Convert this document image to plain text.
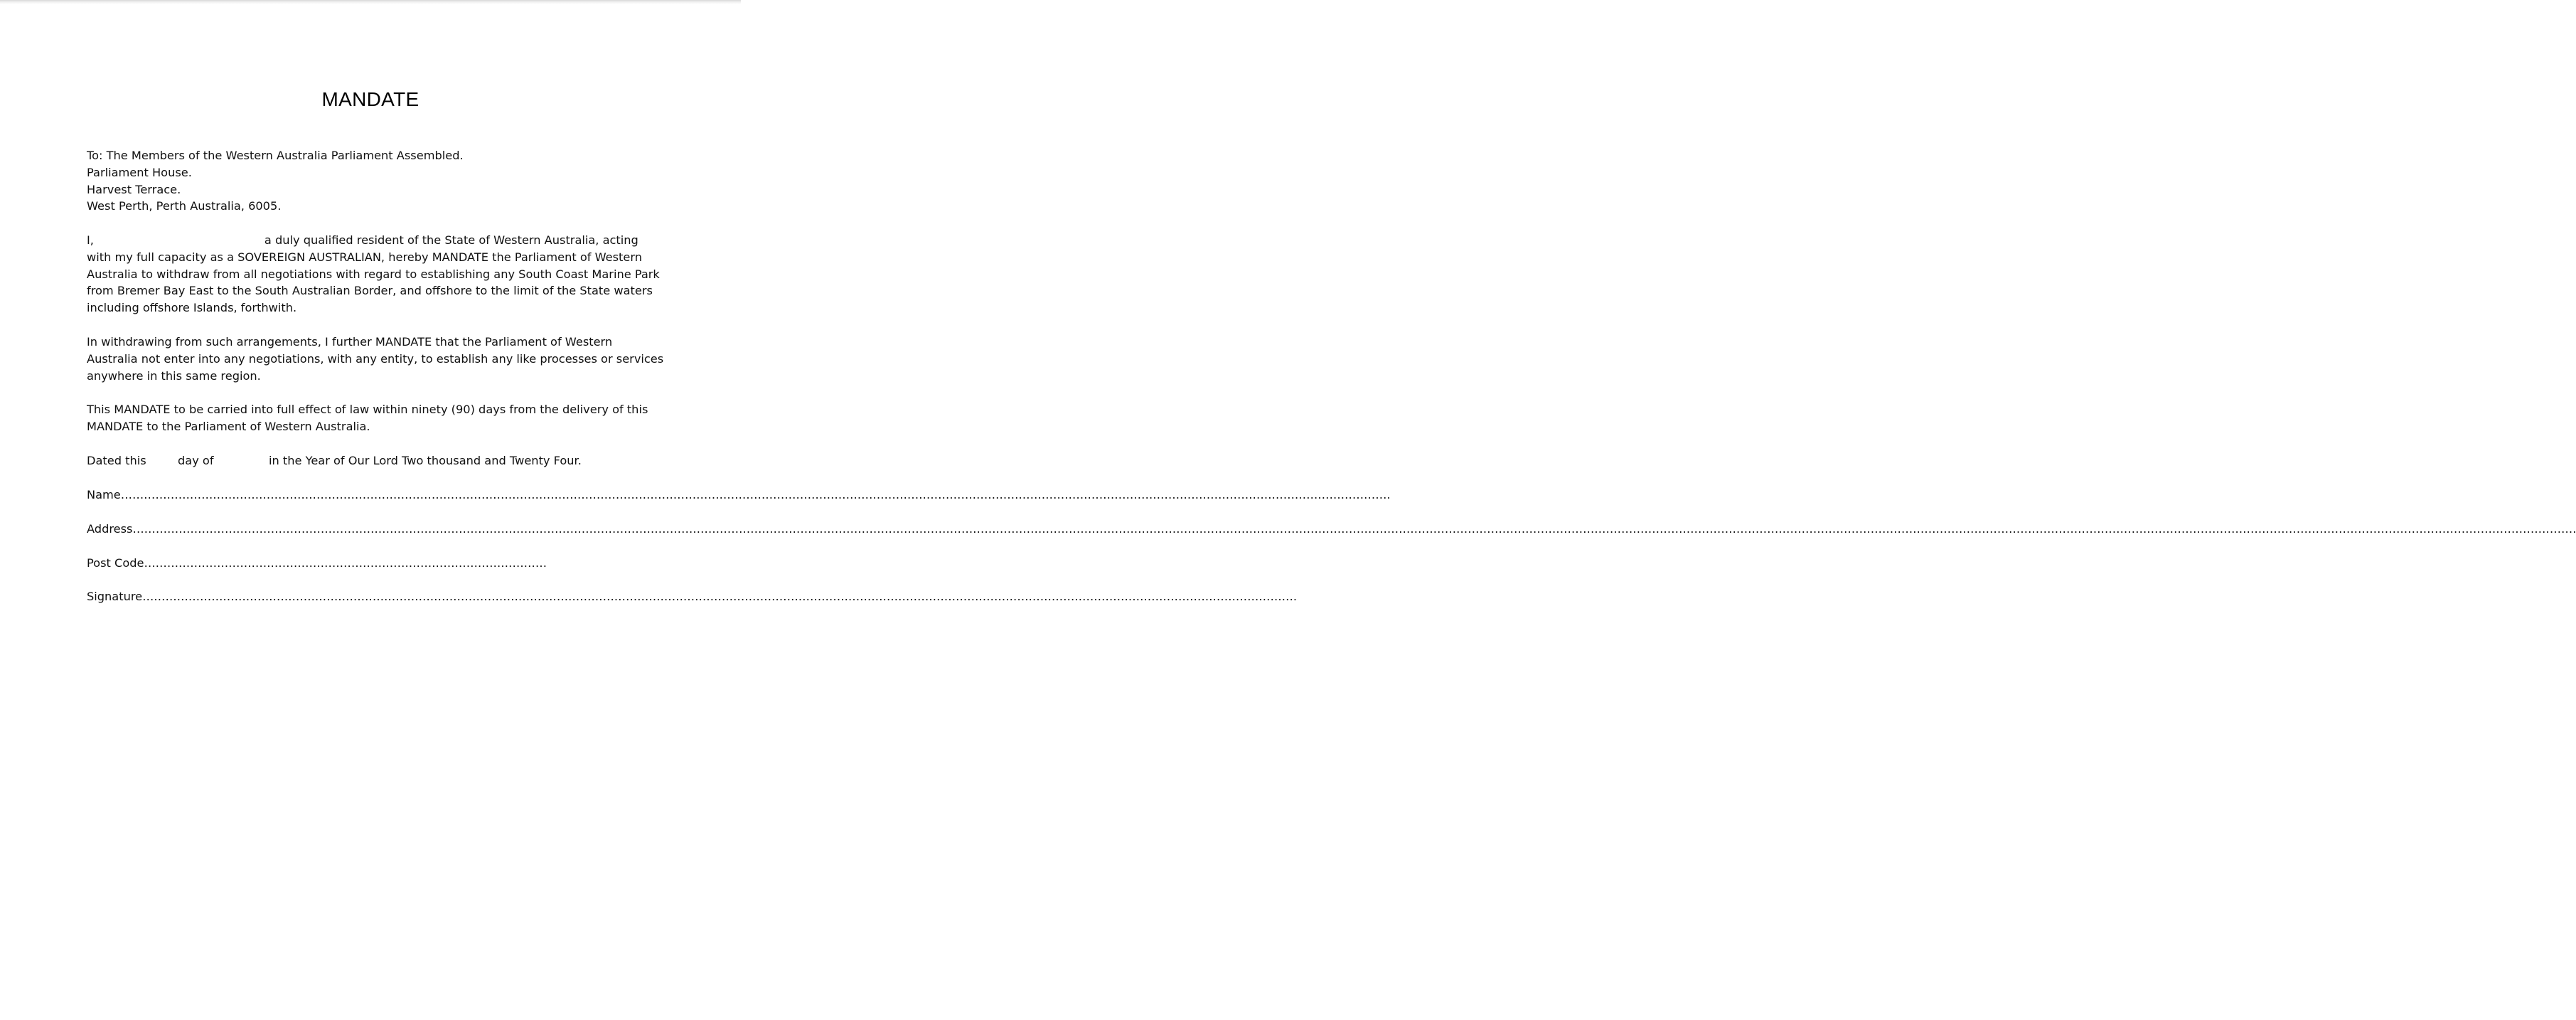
MANDATE
To: The Members of the Western Australia Parliament Assembled.
Parliament House.
Harvest Terrace.
West Perth, Perth Australia, 6005.
I,	a duly qualified resident of the State of Western Australia, acting
with my full capacity as a SOVEREIGN AUSTRALIAN, hereby MANDATE the Parliament of Western
Australia to withdraw from all negotiations with regard to establishing any South Coast Marine Park
from Bremer Bay East to the South Australian Border, and offshore to the limit of the State waters
including offshore Islands, forthwith.
In withdrawing from such arrangements, I further MANDATE that the Parliament of Western
Australia not enter into any negotiations, with any entity, to establish any like processes or services
anywhere in this same region.
This MANDATE to be carried into full effect of law within ninety (90) days from the delivery of this
MANDATE to the Parliament of Western Australia.
Dated this	day of	in the Year of Our Lord Two thousand and Twenty Four.
Name…………………………………………………………………………………………………………………………………………………………………………………………………………………………………………………………………………………………………….
Address…………………………………………………………………………………………………………………………………………………………………………………………………………………………………………………………………………………………………………………………………………………………………………………………………………………………………………………………………………………………………………………………………………………………………………………….
Post Code……………………………………………………………………………………………
Signature………………………………………………………………………………………………………………………………………………………………………………………………………………………………………………………………………….
